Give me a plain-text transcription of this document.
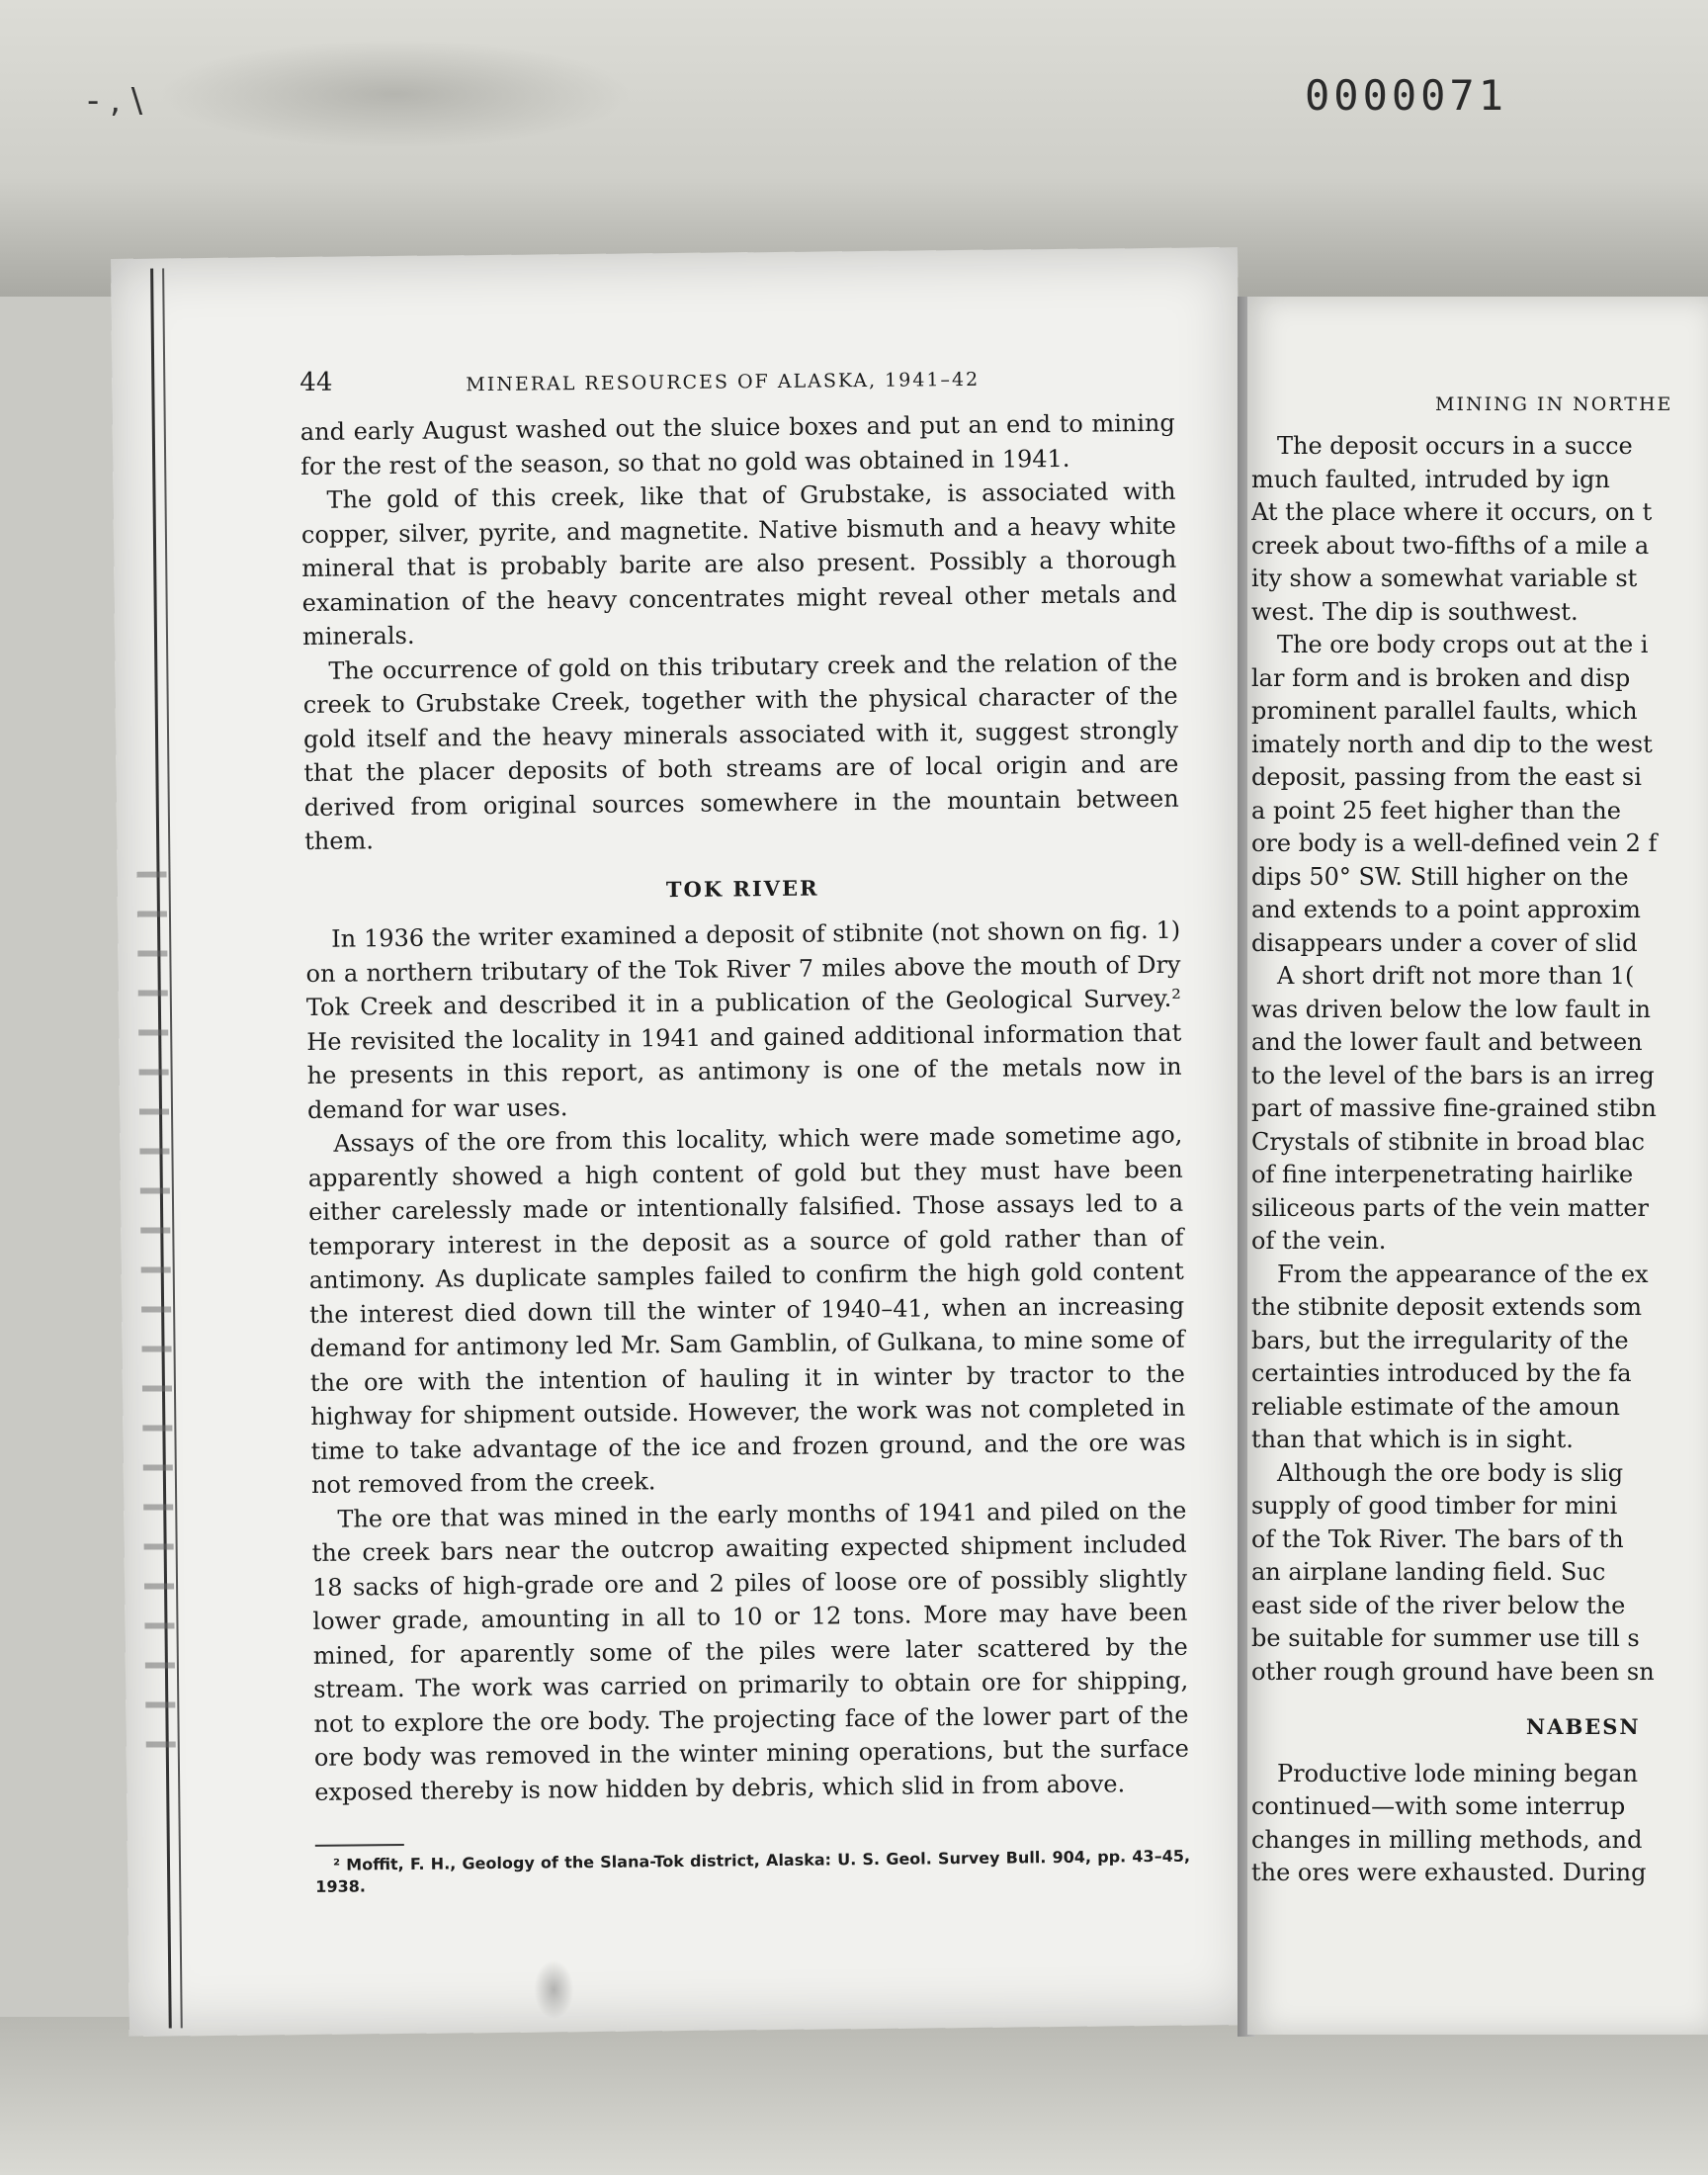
- , \	0000071
44	MINERAL RESOURCES OF ALASKA, 1941–42

and early August washed out the sluice boxes and put an end to mining for the rest of the season, so that no gold was obtained in 1941.

The gold of this creek, like that of Grubstake, is associated with copper, silver, pyrite, and magnetite. Native bismuth and a heavy white mineral that is probably barite are also present. Possibly a thorough examination of the heavy concentrates might reveal other metals and minerals.

The occurrence of gold on this tributary creek and the relation of the creek to Grubstake Creek, together with the physical character of the gold itself and the heavy minerals associated with it, suggest strongly that the placer deposits of both streams are of local origin and are derived from original sources somewhere in the mountain between them.

TOK RIVER

In 1936 the writer examined a deposit of stibnite (not shown on fig. 1) on a northern tributary of the Tok River 7 miles above the mouth of Dry Tok Creek and described it in a publication of the Geological Survey.² He revisited the locality in 1941 and gained additional information that he presents in this report, as antimony is one of the metals now in demand for war uses.

Assays of the ore from this locality, which were made sometime ago, apparently showed a high content of gold but they must have been either carelessly made or intentionally falsified. Those assays led to a temporary interest in the deposit as a source of gold rather than of antimony. As duplicate samples failed to confirm the high gold content the interest died down till the winter of 1940–41, when an increasing demand for antimony led Mr. Sam Gamblin, of Gulkana, to mine some of the ore with the intention of hauling it in winter by tractor to the highway for shipment outside. However, the work was not completed in time to take advantage of the ice and frozen ground, and the ore was not removed from the creek.

The ore that was mined in the early months of 1941 and piled on the the creek bars near the outcrop awaiting expected shipment included 18 sacks of high-grade ore and 2 piles of loose ore of possibly slightly lower grade, amounting in all to 10 or 12 tons. More may have been mined, for aparently some of the piles were later scattered by the stream. The work was carried on primarily to obtain ore for shipping, not to explore the ore body. The projecting face of the lower part of the ore body was removed in the winter mining operations, but the surface exposed thereby is now hidden by debris, which slid in from above.

² Moffit, F. H., Geology of the Slana-Tok district, Alaska: U. S. Geol. Survey Bull. 904, pp. 43–45, 1938.
MINING IN NORTHE
The deposit occurs in a succe
much faulted, intruded by ign
At the place where it occurs, on t
creek about two-fifths of a mile a
ity show a somewhat variable st
west. The dip is southwest.
The ore body crops out at the i
lar form and is broken and disp
prominent parallel faults, which
imately north and dip to the west
deposit, passing from the east si
a point 25 feet higher than the
ore body is a well-defined vein 2 f
dips 50° SW. Still higher on the
and extends to a point approxim
disappears under a cover of slid
A short drift not more than 1(
was driven below the low fault in
and the lower fault and between
to the level of the bars is an irreg
part of massive fine-grained stibn
Crystals of stibnite in broad blac
of fine interpenetrating hairlike
siliceous parts of the vein matter
of the vein.
From the appearance of the ex
the stibnite deposit extends som
bars, but the irregularity of the
certainties introduced by the fa
reliable estimate of the amoun
than that which is in sight.
Although the ore body is slig
supply of good timber for mini
of the Tok River. The bars of th
an airplane landing field. Suc
east side of the river below the
be suitable for summer use till s
other rough ground have been sn
NABESN
Productive lode mining began
continued—with some interrup
changes in milling methods, and
the ores were exhausted. During
